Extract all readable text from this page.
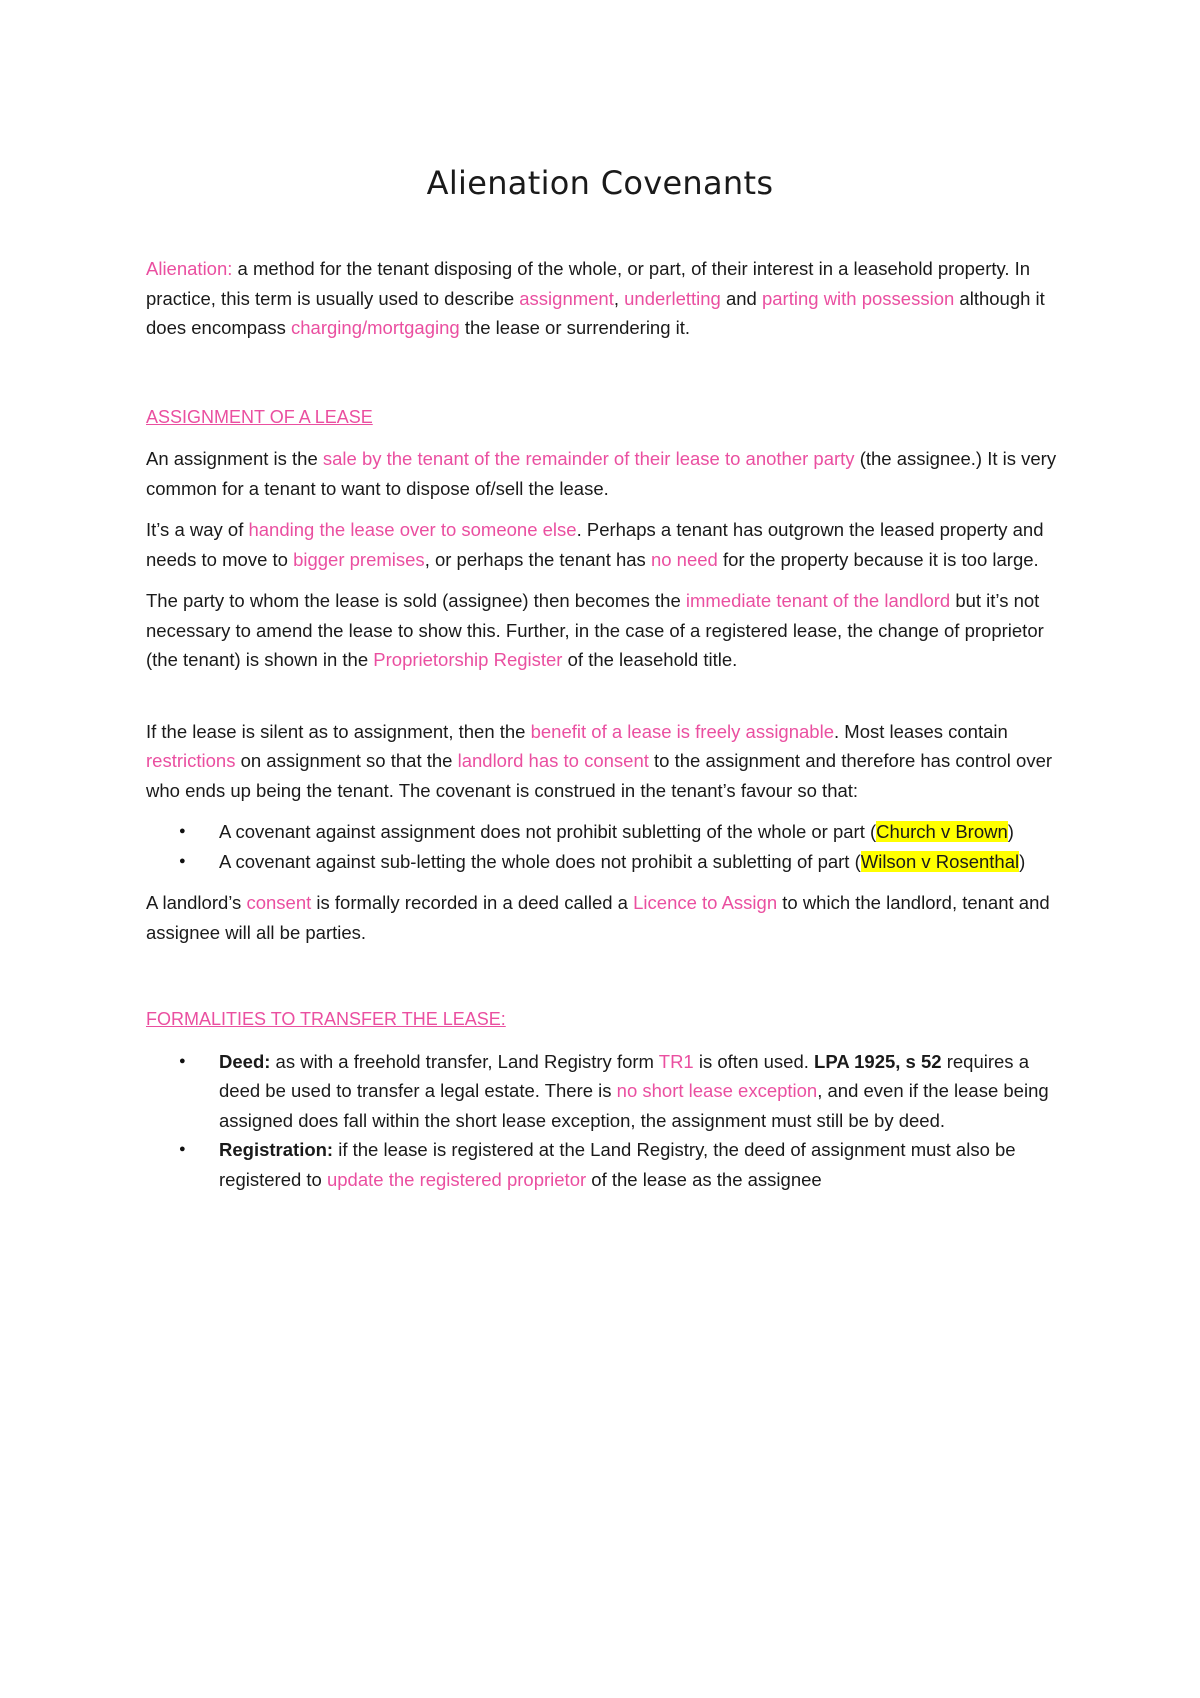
Alienation Covenants

Alienation: a method for the tenant disposing of the whole, or part, of their interest in a leasehold property. In practice, this term is usually used to describe assignment, underletting and parting with possession although it does encompass charging/mortgaging the lease or surrendering it.

ASSIGNMENT OF A LEASE

An assignment is the sale by the tenant of the remainder of their lease to another party (the assignee.) It is very common for a tenant to want to dispose of/sell the lease.

It’s a way of handing the lease over to someone else. Perhaps a tenant has outgrown the leased property and needs to move to bigger premises, or perhaps the tenant has no need for the property because it is too large.

The party to whom the lease is sold (assignee) then becomes the immediate tenant of the landlord but it’s not necessary to amend the lease to show this. Further, in the case of a registered lease, the change of proprietor (the tenant) is shown in the Proprietorship Register of the leasehold title.

If the lease is silent as to assignment, then the benefit of a lease is freely assignable. Most leases contain restrictions on assignment so that the landlord has to consent to the assignment and therefore has control over who ends up being the tenant. The covenant is construed in the tenant’s favour so that:

● A covenant against assignment does not prohibit subletting of the whole or part (Church v Brown)
● A covenant against sub-letting the whole does not prohibit a subletting of part (Wilson v Rosenthal)

A landlord’s consent is formally recorded in a deed called a Licence to Assign to which the landlord, tenant and assignee will all be parties.

FORMALITIES TO TRANSFER THE LEASE:

● Deed: as with a freehold transfer, Land Registry form TR1 is often used. LPA 1925, s 52 requires a deed be used to transfer a legal estate. There is no short lease exception, and even if the lease being assigned does fall within the short lease exception, the assignment must still be by deed.
● Registration: if the lease is registered at the Land Registry, the deed of assignment must also be registered to update the registered proprietor of the lease as the assignee
